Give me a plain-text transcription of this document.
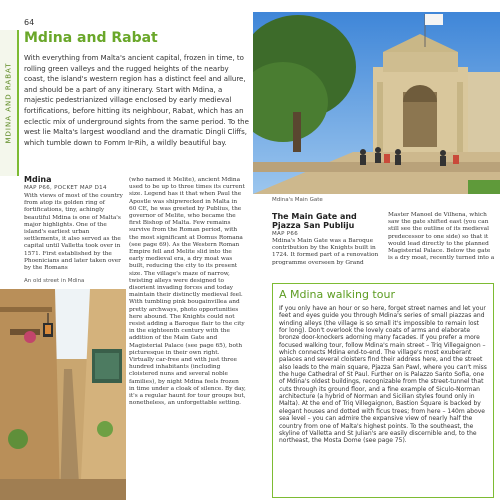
64
MDINA AND RABAT
Mdina and Rabat

With everything from Malta's ancient capital, frozen in time, to rolling green valleys and the rugged heights of the nearby coast, the island's western region has a distinct feel and allure, and should be a part of any itinerary. Start with Mdina, a majestic pedestrianized village enclosed by early medieval fortifications, before hitting its neighbour, Rabat, which has an eclectic mix of underground sights from the same period. To the west lie Malta's largest woodland and the dramatic Dingli Cliffs, which tumble down to Fomm Ir-Rih, a wildly beautiful bay.

Mdina's Main Gate
Mdina
MAP P66, POCKET MAP D14

With views of most of the country from atop its golden ring of fortifications, tiny, achingly beautiful Mdina is one of Malta's major highlights. One of the island's earliest urban settlements, it also served as the capital until Valletta took over in 1571. First established by the Phoenicians and later taken over by the Romans

An old street in Mdina

(who named it Melite), ancient Mdina used to be up to three times its current size. Legend has it that when Paul the Apostle was shipwrecked in Malta in 60 CE, he was greeted by Publius, the governor of Melite, who became the first Bishop of Malta. Few remains survive from the Roman period, with the most significant at Domus Romana (see page 69). As the Western Roman Empire fell and Melite slid into the early medieval era, a dry moat was built, reducing the city to its present size. The village's maze of narrow, twisting alleys were designed to disorient invading forces and today maintain their distinctly medieval feel. With tumbling pink bougainvillea and pretty archways, photo opportunities here abound. The Knights could not resist adding a Baroque flair to the city in the eighteenth century with the addition of the Main Gate and Magisterial Palace (see page 65), both picturesque in their own right. Virtually car-free and with just three hundred inhabitants (including cloistered nuns and several noble families), by night Mdina feels frozen in time under a cloak of silence. By day, it's a regular haunt for tour groups but, nonetheless, an unforgettable setting.

The Main Gate and Pjazza San Publiju
MAP P66

Mdina's Main Gate was a Baroque contribution by the Knights built in 1724. It formed part of a renovation programme overseen by Grand

Master Manoel de Vilhena, which saw the gate shifted east (you can still see the outline of its medieval predecessor to one side) so that it would lead directly to the planned Magisterial Palace. Below the gate is a dry moat, recently turned into a

A Mdina walking tour

If you only have an hour or so here, forget street names and let your feet and eyes guide you through Mdina's series of small piazzas and winding alleys (the village is so small it's impossible to remain lost for long). Don't overlook the lovely coats of arms and elaborate bronze door-knockers adorning many facades. If you prefer a more focused walking tour, follow Mdina's main street – Triq Villegaignon – which connects Mdina end-to-end. The village's most exuberant palaces and several cloisters find their address here, and the street also leads to the main square, Pjazza San Pawl, where you can't miss the huge Cathedral of St Paul. Further on is Palazzo Santo Sofia, one of Mdina's oldest buildings, recognizable from the street-tunnel that cuts through its ground floor, and a fine example of Siculo-Norman architecture (a hybrid of Norman and Sicilian styles found only in Malta). At the end of Triq Villegaignon, Bastion Square is backed by elegant houses and dotted with ficus trees; from here – 140m above sea level – you can admire the expansive view of nearly half the country from one of Malta's highest points. To the southeast, the skyline of Valletta and St Julian's are easily discernible and, to the northeast, the Mosta Dome (see page 75).
